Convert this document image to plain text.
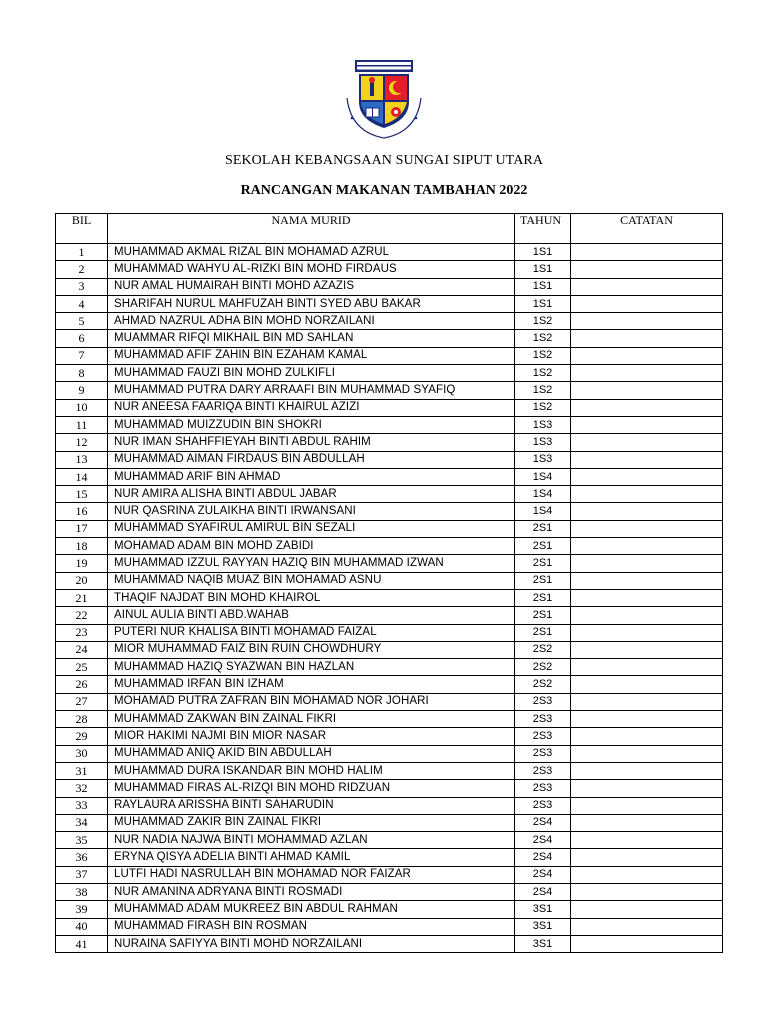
SEKOLAH KEBANGSAAN SUNGAI SIPUT UTARA
RANCANGAN MAKANAN TAMBAHAN 2022
BIL	NAMA MURID	TAHUN	CATATAN
1	MUHAMMAD AKMAL RIZAL BIN MOHAMAD AZRUL	1S1	
2	MUHAMMAD WAHYU AL-RIZKI BIN MOHD FIRDAUS	1S1	
3	NUR AMAL HUMAIRAH BINTI MOHD AZAZIS	1S1	
4	SHARIFAH NURUL MAHFUZAH BINTI SYED ABU BAKAR	1S1	
5	AHMAD NAZRUL ADHA BIN MOHD NORZAILANI	1S2	
6	MUAMMAR RIFQI MIKHAIL BIN MD SAHLAN	1S2	
7	MUHAMMAD AFIF ZAHIN BIN EZAHAM KAMAL	1S2	
8	MUHAMMAD FAUZI BIN MOHD ZULKIFLI	1S2	
9	MUHAMMAD PUTRA DARY ARRAAFI BIN MUHAMMAD SYAFIQ	1S2	
10	NUR ANEESA FAARIQA BINTI KHAIRUL AZIZI	1S2	
11	MUHAMMAD MUIZZUDIN BIN SHOKRI	1S3	
12	NUR IMAN SHAHFFIEYAH BINTI ABDUL RAHIM	1S3	
13	MUHAMMAD AIMAN FIRDAUS BIN ABDULLAH	1S3	
14	MUHAMMAD ARIF BIN AHMAD	1S4	
15	NUR AMIRA ALISHA BINTI ABDUL JABAR	1S4	
16	NUR QASRINA ZULAIKHA BINTI IRWANSANI	1S4	
17	MUHAMMAD SYAFIRUL AMIRUL BIN SEZALI	2S1	
18	MOHAMAD ADAM BIN MOHD ZABIDI	2S1	
19	MUHAMMAD IZZUL RAYYAN HAZIQ BIN MUHAMMAD IZWAN	2S1	
20	MUHAMMAD NAQIB MUAZ BIN MOHAMAD ASNU	2S1	
21	THAQIF NAJDAT BIN MOHD KHAIROL	2S1	
22	AINUL AULIA BINTI ABD.WAHAB	2S1	
23	PUTERI NUR KHALISA BINTI MOHAMAD FAIZAL	2S1	
24	MIOR MUHAMMAD FAIZ BIN RUIN CHOWDHURY	2S2	
25	MUHAMMAD HAZIQ SYAZWAN BIN HAZLAN	2S2	
26	MUHAMMAD IRFAN BIN IZHAM	2S2	
27	MOHAMAD PUTRA ZAFRAN BIN MOHAMAD NOR JOHARI	2S3	
28	MUHAMMAD ZAKWAN BIN ZAINAL FIKRI	2S3	
29	MIOR HAKIMI NAJMI BIN MIOR NASAR	2S3	
30	MUHAMMAD ANIQ AKID BIN ABDULLAH	2S3	
31	MUHAMMAD DURA ISKANDAR BIN MOHD HALIM	2S3	
32	MUHAMMAD FIRAS AL-RIZQI BIN MOHD RIDZUAN	2S3	
33	RAYLAURA ARISSHA BINTI SAHARUDIN	2S3	
34	MUHAMMAD ZAKIR BIN ZAINAL FIKRI	2S4	
35	NUR NADIA NAJWA BINTI MOHAMMAD AZLAN	2S4	
36	ERYNA QISYA ADELIA BINTI AHMAD KAMIL	2S4	
37	LUTFI HADI NASRULLAH BIN MOHAMAD NOR FAIZAR	2S4	
38	NUR AMANINA ADRYANA BINTI ROSMADI	2S4	
39	MUHAMMAD ADAM MUKREEZ BIN ABDUL RAHMAN	3S1	
40	MUHAMMAD FIRASH BIN ROSMAN	3S1	
41	NURAINA SAFIYYA BINTI MOHD NORZAILANI	3S1	
